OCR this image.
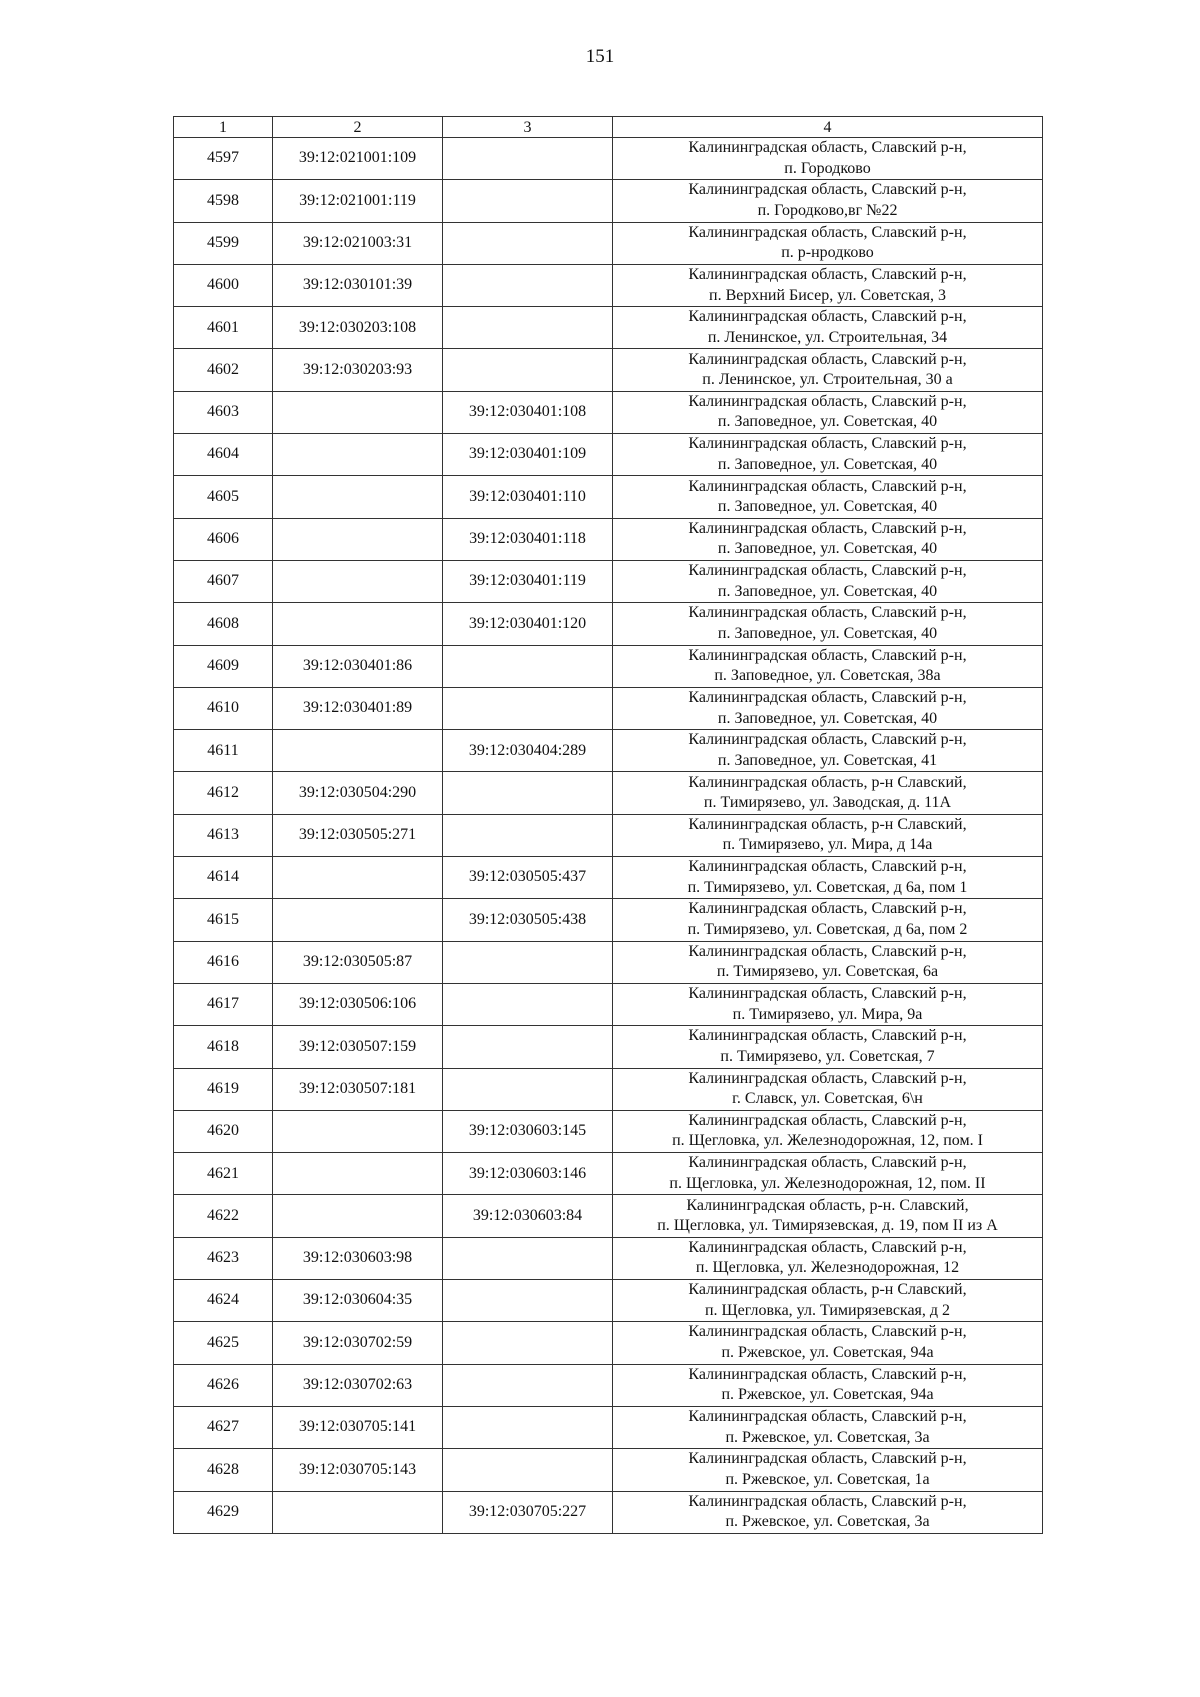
151
1	2	3	4
4597	39:12:021001:109		Калининградская область, Славский р-н,
п. Городково

4598	39:12:021001:119		Калининградская область, Славский р-н,
п. Городково,вг №22

4599	39:12:021003:31		Калининградская область, Славский р-н,
п. р-нродково

4600	39:12:030101:39		Калининградская область, Славский р-н,
п. Верхний Бисер, ул. Советская, 3

4601	39:12:030203:108		Калининградская область, Славский р-н,
п. Ленинское, ул. Строительная, 34

4602	39:12:030203:93		Калининградская область, Славский р-н,
п. Ленинское, ул. Строительная, 30 а

4603		39:12:030401:108	Калининградская область, Славский р-н,
п. Заповедное, ул. Советская, 40

4604		39:12:030401:109	Калининградская область, Славский р-н,
п. Заповедное, ул. Советская, 40

4605		39:12:030401:110	Калининградская область, Славский р-н,
п. Заповедное, ул. Советская, 40

4606		39:12:030401:118	Калининградская область, Славский р-н,
п. Заповедное, ул. Советская, 40

4607		39:12:030401:119	Калининградская область, Славский р-н,
п. Заповедное, ул. Советская, 40

4608		39:12:030401:120	Калининградская область, Славский р-н,
п. Заповедное, ул. Советская, 40

4609	39:12:030401:86		Калининградская область, Славский р-н,
п. Заповедное, ул. Советская, 38а

4610	39:12:030401:89		Калининградская область, Славский р-н,
п. Заповедное, ул. Советская, 40

4611		39:12:030404:289	Калининградская область, Славский р-н,
п. Заповедное, ул. Советская, 41

4612	39:12:030504:290		Калининградская область, р-н Славский,
п. Тимирязево, ул. Заводская, д. 11А

4613	39:12:030505:271		Калининградская область, р-н Славский,
п. Тимирязево, ул. Мира, д 14а

4614		39:12:030505:437	Калининградская область, Славский р-н,
п. Тимирязево, ул. Советская, д 6а, пом 1

4615		39:12:030505:438	Калининградская область, Славский р-н,
п. Тимирязево, ул. Советская, д 6а, пом 2

4616	39:12:030505:87		Калининградская область, Славский р-н,
п. Тимирязево, ул. Советская, 6а

4617	39:12:030506:106		Калининградская область, Славский р-н,
п. Тимирязево, ул. Мира, 9а

4618	39:12:030507:159		Калининградская область, Славский р-н,
п. Тимирязево, ул. Советская, 7

4619	39:12:030507:181		Калининградская область, Славский р-н,
г. Славск, ул. Советская, 6\н

4620		39:12:030603:145	Калининградская область, Славский р-н,
п. Щегловка, ул. Железнодорожная, 12, пом. I

4621		39:12:030603:146	Калининградская область, Славский р-н,
п. Щегловка, ул. Железнодорожная, 12, пом. II

4622		39:12:030603:84	Калининградская область, р-н. Славский,
п. Щегловка, ул. Тимирязевская, д. 19, пом II из А

4623	39:12:030603:98		Калининградская область, Славский р-н,
п. Щегловка, ул. Железнодорожная, 12

4624	39:12:030604:35		Калининградская область, р-н Славский,
п. Щегловка, ул. Тимирязевская, д 2

4625	39:12:030702:59		Калининградская область, Славский р-н,
п. Ржевское, ул. Советская, 94а

4626	39:12:030702:63		Калининградская область, Славский р-н,
п. Ржевское, ул. Советская, 94а

4627	39:12:030705:141		Калининградская область, Славский р-н,
п. Ржевское, ул. Советская, 3а

4628	39:12:030705:143		Калининградская область, Славский р-н,
п. Ржевское, ул. Советская, 1а

4629		39:12:030705:227	Калининградская область, Славский р-н,
п. Ржевское, ул. Советская, 3а
